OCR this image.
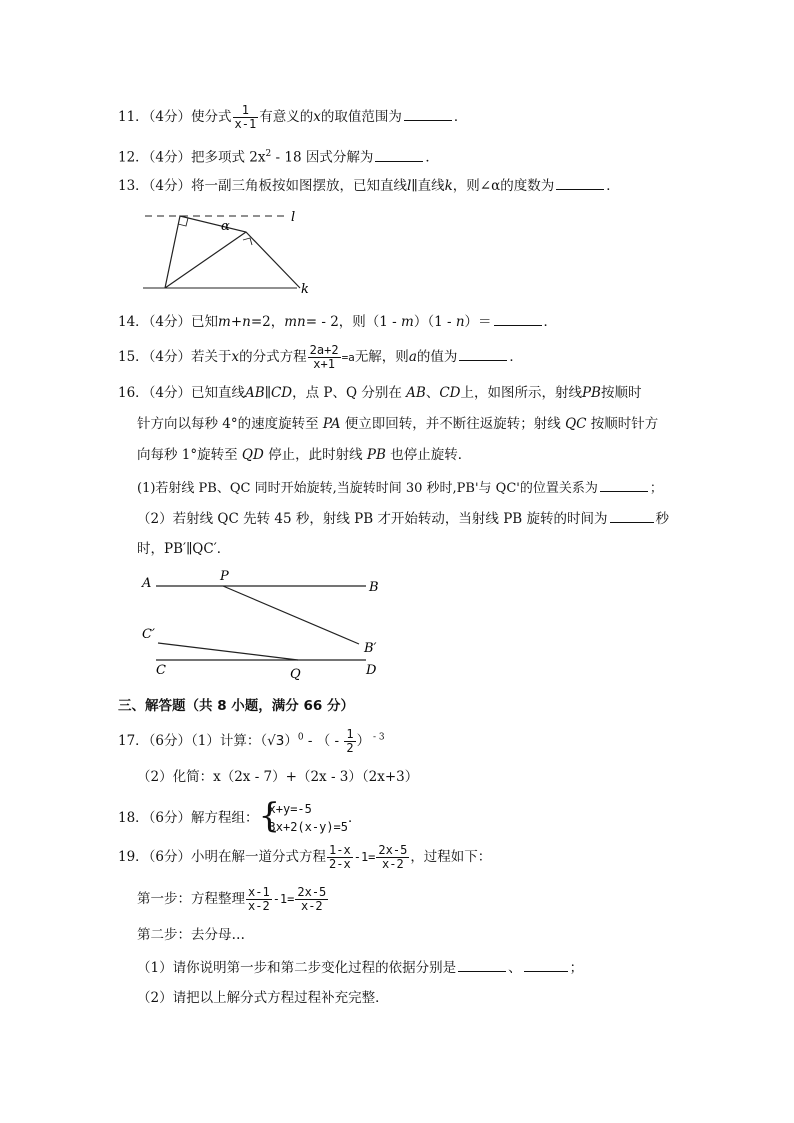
11．（4分）使分式 $\frac{1}{x-1}$ 有意义的x的取值范围为	．
12．（4分）把多项式 $2x^2 - 18$ 因式分解为	．
13．（4分）将一副三角板按如图摆放，已知直线l∥直线k，则∠α的度数为	．
l
k
α
14．（4分）已知m+n=2，mn= - 2，则（1 - m）（1 - n）＝	．
15．（4分）若关于x的分式方程 $\frac{2a+2}{x+1} =a$无解，则a的值为	．
16．（4分）已知直线AB∥CD，点 P、Q 分别在 AB、CD上，如图所示，射线PB按顺时
针方向以每秒 4°的速度旋转至 PA 便立即回转，并不断往返旋转；射线 QC 按顺时针方
向每秒 1°旋转至 QD 停止，此时射线 PB 也停止旋转．
(1)若射线 PB、QC 同时开始旋转,当旋转时间 30 秒时,PB'与 QC'的位置关系为	；
（2）若射线 QC 先转 45 秒，射线 PB 才开始转动，当射线 PB 旋转的时间为	秒
时，PB′∥QC′．
A	P
B
C′
B′
C	Q	D
三、解答题（共 8 小题，满分 66 分）
17．（6分）（1）计算：$(√3)^0$ - （ - $\frac{1}{2}$ ） $^{- 3}$
（2）化简：x（2x - 7）+（2x - 3）（2x+3）
18．（6分）解方程组： {
x+y=-5
3x+2(x-y)=5
．
19．（6分）小明在解一道分式方程 $\frac{1-x}{2-x} -1= \frac{2x-5}{x-2}$ ，过程如下：
第一步：方程整理 $\frac{x-1}{x-2} -1= \frac{2x-5}{x-2}$
第二步：去分母…
（1）请你说明第一步和第二步变化过程的依据分别是	、	；
（2）请把以上解分式方程过程补充完整．
